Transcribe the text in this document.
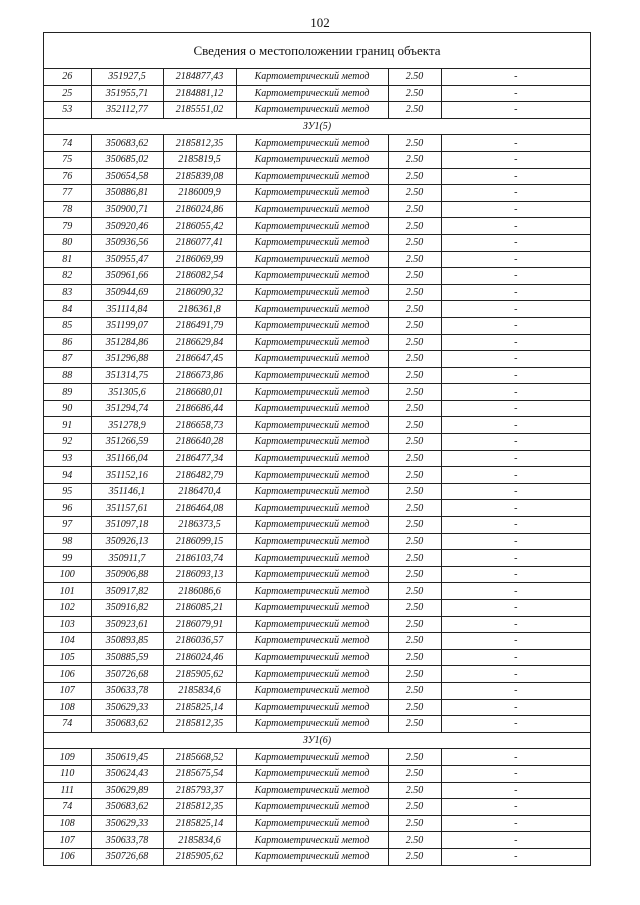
102
Сведения о местоположении границ объекта
26	351927,5	2184877,43	Картометрический метод	2.50	-
25	351955,71	2184881,12	Картометрический метод	2.50	-
53	352112,77	2185551,02	Картометрический метод	2.50	-
ЗУ1(5)					
74	350683,62	2185812,35	Картометрический метод	2.50	-
75	350685,02	2185819,5	Картометрический метод	2.50	-
76	350654,58	2185839,08	Картометрический метод	2.50	-
77	350886,81	2186009,9	Картометрический метод	2.50	-
78	350900,71	2186024,86	Картометрический метод	2.50	-
79	350920,46	2186055,42	Картометрический метод	2.50	-
80	350936,56	2186077,41	Картометрический метод	2.50	-
81	350955,47	2186069,99	Картометрический метод	2.50	-
82	350961,66	2186082,54	Картометрический метод	2.50	-
83	350944,69	2186090,32	Картометрический метод	2.50	-
84	351114,84	2186361,8	Картометрический метод	2.50	-
85	351199,07	2186491,79	Картометрический метод	2.50	-
86	351284,86	2186629,84	Картометрический метод	2.50	-
87	351296,88	2186647,45	Картометрический метод	2.50	-
88	351314,75	2186673,86	Картометрический метод	2.50	-
89	351305,6	2186680,01	Картометрический метод	2.50	-
90	351294,74	2186686,44	Картометрический метод	2.50	-
91	351278,9	2186658,73	Картометрический метод	2.50	-
92	351266,59	2186640,28	Картометрический метод	2.50	-
93	351166,04	2186477,34	Картометрический метод	2.50	-
94	351152,16	2186482,79	Картометрический метод	2.50	-
95	351146,1	2186470,4	Картометрический метод	2.50	-
96	351157,61	2186464,08	Картометрический метод	2.50	-
97	351097,18	2186373,5	Картометрический метод	2.50	-
98	350926,13	2186099,15	Картометрический метод	2.50	-
99	350911,7	2186103,74	Картометрический метод	2.50	-
100	350906,88	2186093,13	Картометрический метод	2.50	-
101	350917,82	2186086,6	Картометрический метод	2.50	-
102	350916,82	2186085,21	Картометрический метод	2.50	-
103	350923,61	2186079,91	Картометрический метод	2.50	-
104	350893,85	2186036,57	Картометрический метод	2.50	-
105	350885,59	2186024,46	Картометрический метод	2.50	-
106	350726,68	2185905,62	Картометрический метод	2.50	-
107	350633,78	2185834,6	Картометрический метод	2.50	-
108	350629,33	2185825,14	Картометрический метод	2.50	-
74	350683,62	2185812,35	Картометрический метод	2.50	-
ЗУ1(6)					
109	350619,45	2185668,52	Картометрический метод	2.50	-
110	350624,43	2185675,54	Картометрический метод	2.50	-
111	350629,89	2185793,37	Картометрический метод	2.50	-
74	350683,62	2185812,35	Картометрический метод	2.50	-
108	350629,33	2185825,14	Картометрический метод	2.50	-
107	350633,78	2185834,6	Картометрический метод	2.50	-
106	350726,68	2185905,62	Картометрический метод	2.50	-
